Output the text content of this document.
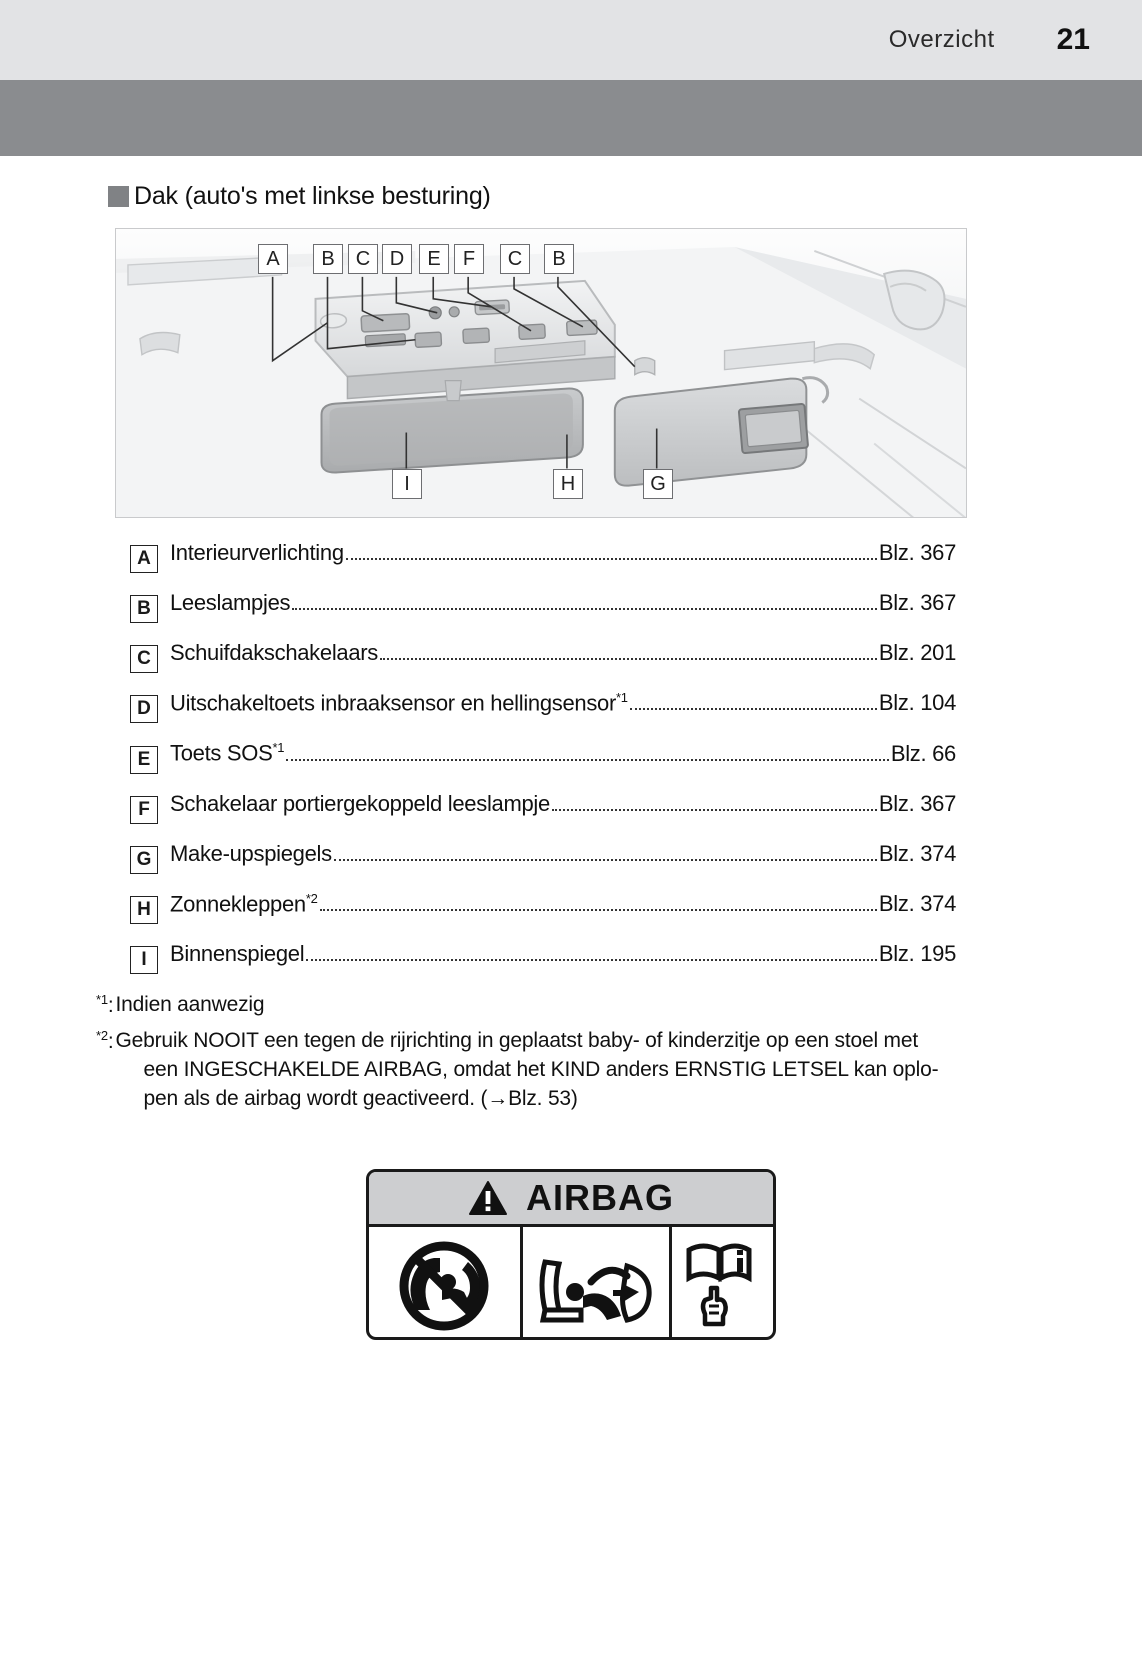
Overzicht 21
Dak (auto's met linkse besturing)
A	B	C D	E	F	C	B
I	H	G
A Interieurverlichting	Blz. 367
B Leeslampjes	Blz. 367
C Schuifdakschakelaars	Blz. 201
D Uitschakeltoets inbraaksensor en hellingsensor$^{*1}$	Blz. 104
E Toets SOS$^{*1}$	Blz. 66
F Schakelaar portiergekoppeld leeslampje	Blz. 367
G Make-upspiegels	Blz. 374
H Zonnekleppen$^{*2}$	Blz. 374
I	Binnenspiegel	Blz. 195
$^{*1}$: Indien aanwezig
$^{*2}$: Gebruik NOOIT een tegen de rijrichting in geplaatst baby- of kinderzitje op een stoel met
een INGESCHAKELDE AIRBAG, omdat het KIND anders ERNSTIG LETSEL kan oplo-
pen als de airbag wordt geactiveerd. (→Blz. 53)
AIRBAG
